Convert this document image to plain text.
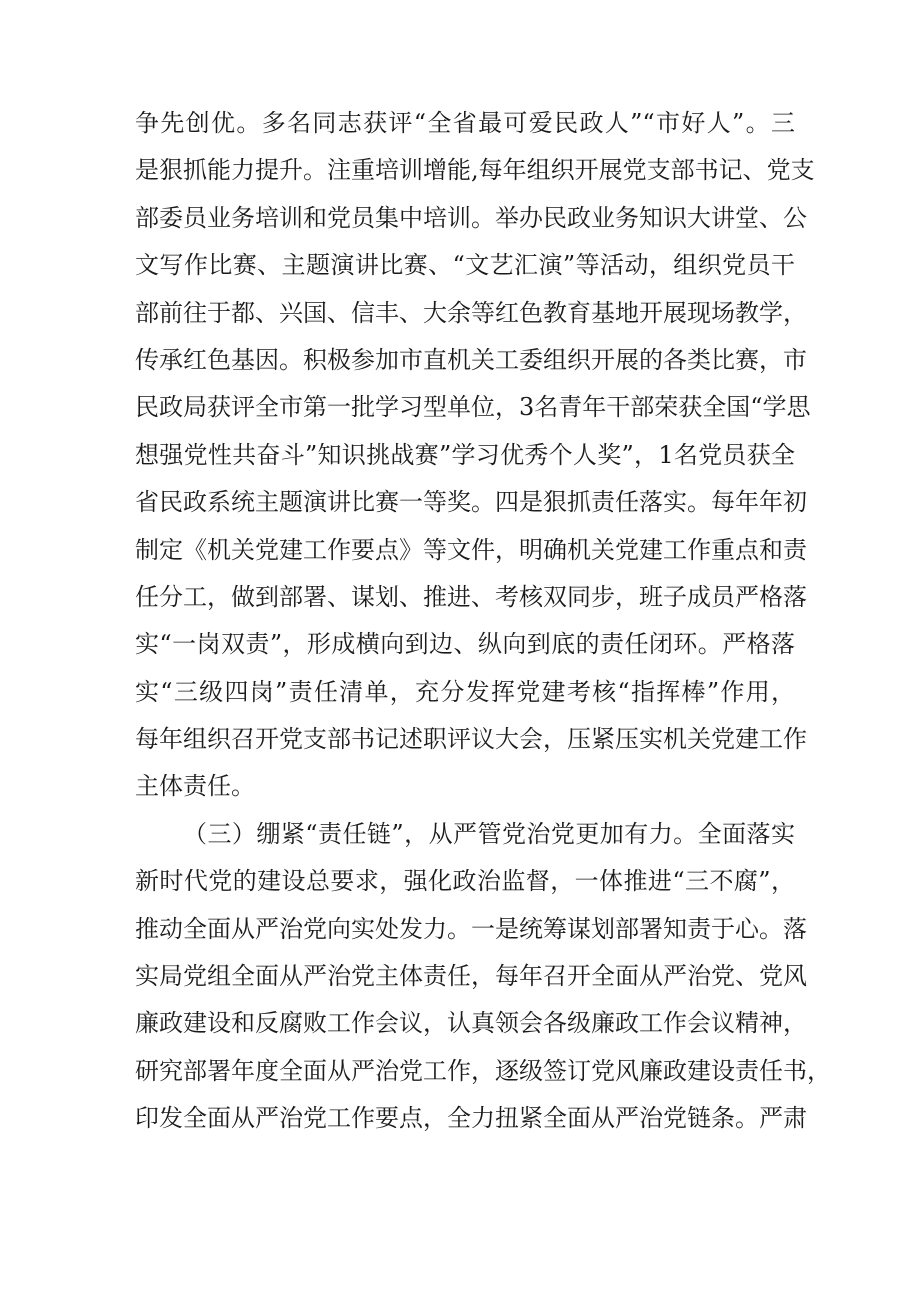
争先创优。多名同志获评“全省最可爱民政人”“市好人”。三
是狠抓能力提升。注重培训增能,每年组织开展党支部书记、党支
部委员业务培训和党员集中培训。举办民政业务知识大讲堂、公
文写作比赛、主题演讲比赛、“文艺汇演”等活动，组织党员干
部前往于都、兴国、信丰、大余等红色教育基地开展现场教学，
传承红色基因。积极参加市直机关工委组织开展的各类比赛，市
民政局获评全市第一批学习型单位，3名青年干部荣获全国“学思
想强党性共奋斗”知识挑战赛”学习优秀个人奖”，1名党员获全
省民政系统主题演讲比赛一等奖。四是狠抓责任落实。每年年初
制定《机关党建工作要点》等文件，明确机关党建工作重点和责
任分工，做到部署、谋划、推进、考核双同步，班子成员严格落
实“一岗双责”，形成横向到边、纵向到底的责任闭环。严格落
实“三级四岗”责任清单，充分发挥党建考核“指挥棒”作用，
每年组织召开党支部书记述职评议大会，压紧压实机关党建工作
主体责任。
（三）绷紧“责任链”，从严管党治党更加有力。全面落实
新时代党的建设总要求，强化政治监督，一体推进“三不腐”，
推动全面从严治党向实处发力。一是统筹谋划部署知责于心。落
实局党组全面从严治党主体责任，每年召开全面从严治党、党风
廉政建设和反腐败工作会议，认真领会各级廉政工作会议精神，
研究部署年度全面从严治党工作，逐级签订党风廉政建设责任书，
印发全面从严治党工作要点，全力扭紧全面从严治党链条。严肃
